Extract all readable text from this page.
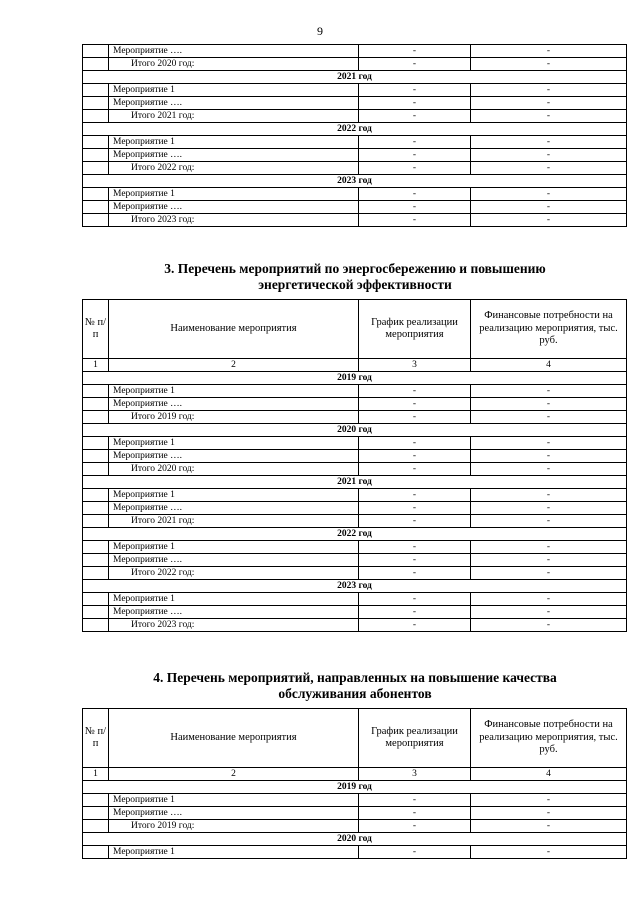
9
	Мероприятие ….	-	-
	Итого 2020 год:	-	-
2021 год			
	Мероприятие 1	-	-
	Мероприятие ….	-	-
	Итого 2021 год:	-	-
2022 год			
	Мероприятие 1	-	-
	Мероприятие ….	-	-
	Итого 2022 год:	-	-
2023 год			
	Мероприятие 1	-	-
	Мероприятие ….	-	-
	Итого 2023 год:	-	-
3. Перечень мероприятий по энергосбережению и повышению
энергетической эффективности
№ п/п	Наименование мероприятия	График реализации мероприятия	Финансовые потребности на реализацию мероприятия, тыс. руб.
1	2	3	4
2019 год			
	Мероприятие 1	-	-
	Мероприятие ….	-	-
	Итого 2019 год:	-	-
2020 год			
	Мероприятие 1	-	-
	Мероприятие ….	-	-
	Итого 2020 год:	-	-
2021 год			
	Мероприятие 1	-	-
	Мероприятие ….	-	-
	Итого 2021 год:	-	-
2022 год			
	Мероприятие 1	-	-
	Мероприятие ….	-	-
	Итого 2022 год:	-	-
2023 год			
	Мероприятие 1	-	-
	Мероприятие ….	-	-
	Итого 2023 год:	-	-
4. Перечень мероприятий, направленных на повышение качества
обслуживания абонентов
№ п/п	Наименование мероприятия	График реализации мероприятия	Финансовые потребности на реализацию мероприятия, тыс. руб.
1	2	3	4
2019 год			
	Мероприятие 1	-	-
	Мероприятие ….	-	-
	Итого 2019 год:	-	-
2020 год			
	Мероприятие 1	-	-
